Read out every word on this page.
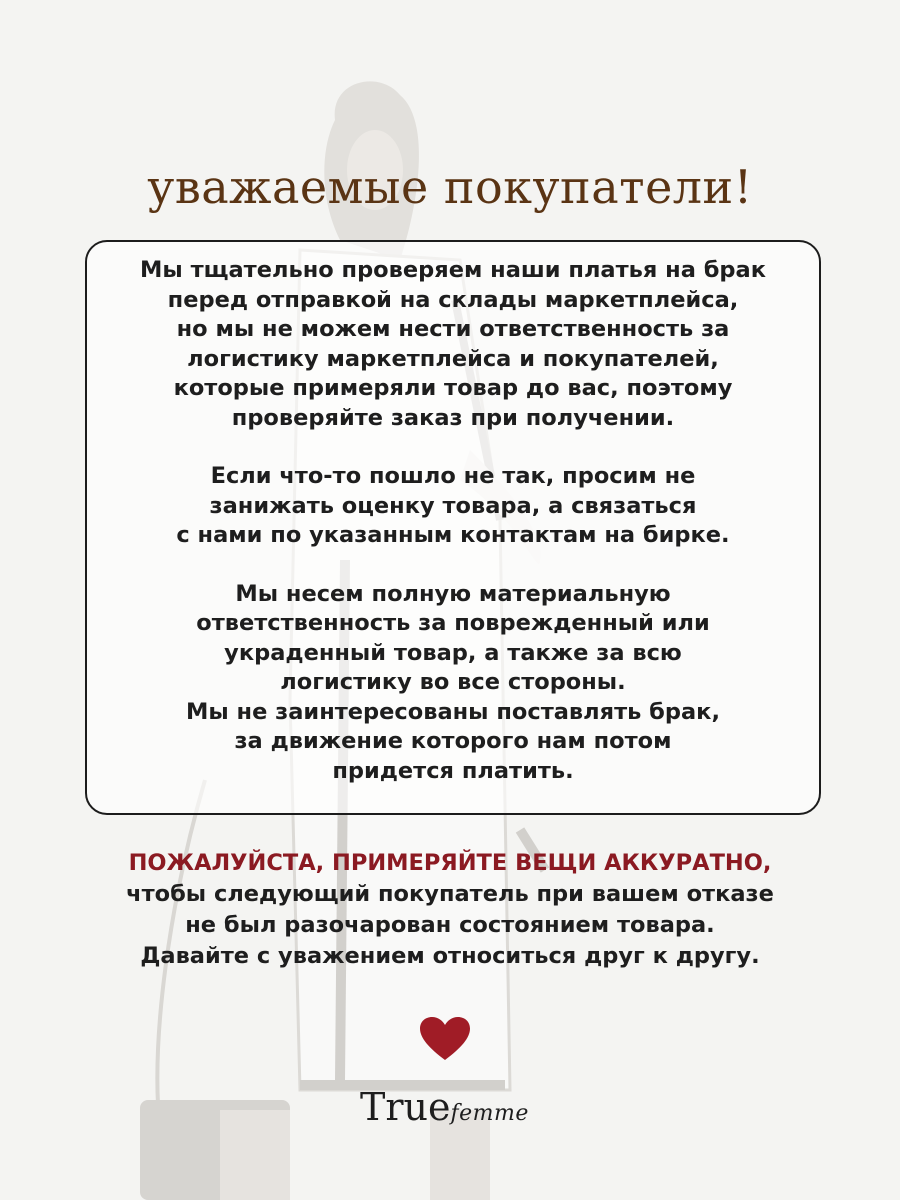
уважаемые покупатели!

Мы тщательно проверяем наши платья на брак
перед отправкой на склады маркетплейса,
но мы не можем нести ответственность за
логистику маркетплейса и покупателей,
которые примеряли товар до вас, поэтому
проверяйте заказ при получении.

Если что-то пошло не так, просим не
занижать оценку товара, а связаться
с нами по указанным контактам на бирке.

Мы несем полную материальную
ответственность за поврежденный или
украденный товар, а также за всю
логистику во все стороны.
Мы не заинтересованы поставлять брак,
за движение которого нам потом
придется платить.

ПОЖАЛУЙСТА, ПРИМЕРЯЙТЕ ВЕЩИ АККУРАТНО,
чтобы следующий покупатель при вашем отказе
не был разочарован состоянием товара.
Давайте с уважением относиться друг к другу.
Truefemme
